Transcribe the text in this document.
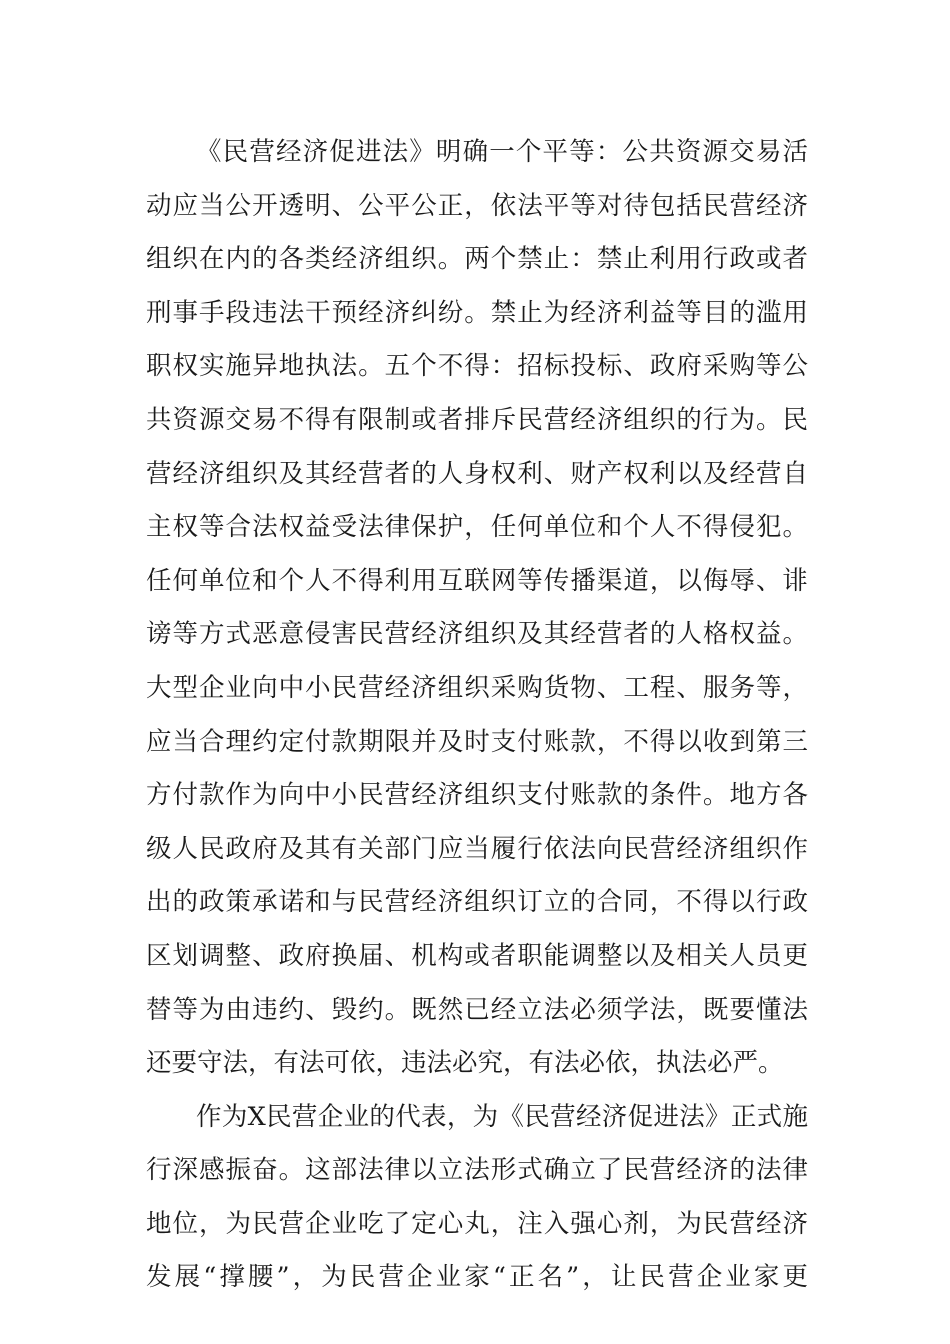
《民营经济促进法》明确一个平等：公共资源交易活
动应当公开透明、公平公正，依法平等对待包括民营经济
组织在内的各类经济组织。两个禁止：禁止利用行政或者
刑事手段违法干预经济纠纷。禁止为经济利益等目的滥用
职权实施异地执法。五个不得：招标投标、政府采购等公
共资源交易不得有限制或者排斥民营经济组织的行为。民
营经济组织及其经营者的人身权利、财产权利以及经营自
主权等合法权益受法律保护，任何单位和个人不得侵犯。
任何单位和个人不得利用互联网等传播渠道，以侮辱、诽
谤等方式恶意侵害民营经济组织及其经营者的人格权益。
大型企业向中小民营经济组织采购货物、工程、服务等，
应当合理约定付款期限并及时支付账款，不得以收到第三
方付款作为向中小民营经济组织支付账款的条件。地方各
级人民政府及其有关部门应当履行依法向民营经济组织作
出的政策承诺和与民营经济组织订立的合同，不得以行政
区划调整、政府换届、机构或者职能调整以及相关人员更
替等为由违约、毁约。既然已经立法必须学法，既要懂法
还要守法，有法可依，违法必究，有法必依，执法必严。
作为X民营企业的代表，为《民营经济促进法》正式施
行深感振奋。这部法律以立法形式确立了民营经济的法律
地位，为民营企业吃了定心丸，注入强心剂，为民营经济
发展“撑腰”，为民营企业家“正名”，让民营企业家更
